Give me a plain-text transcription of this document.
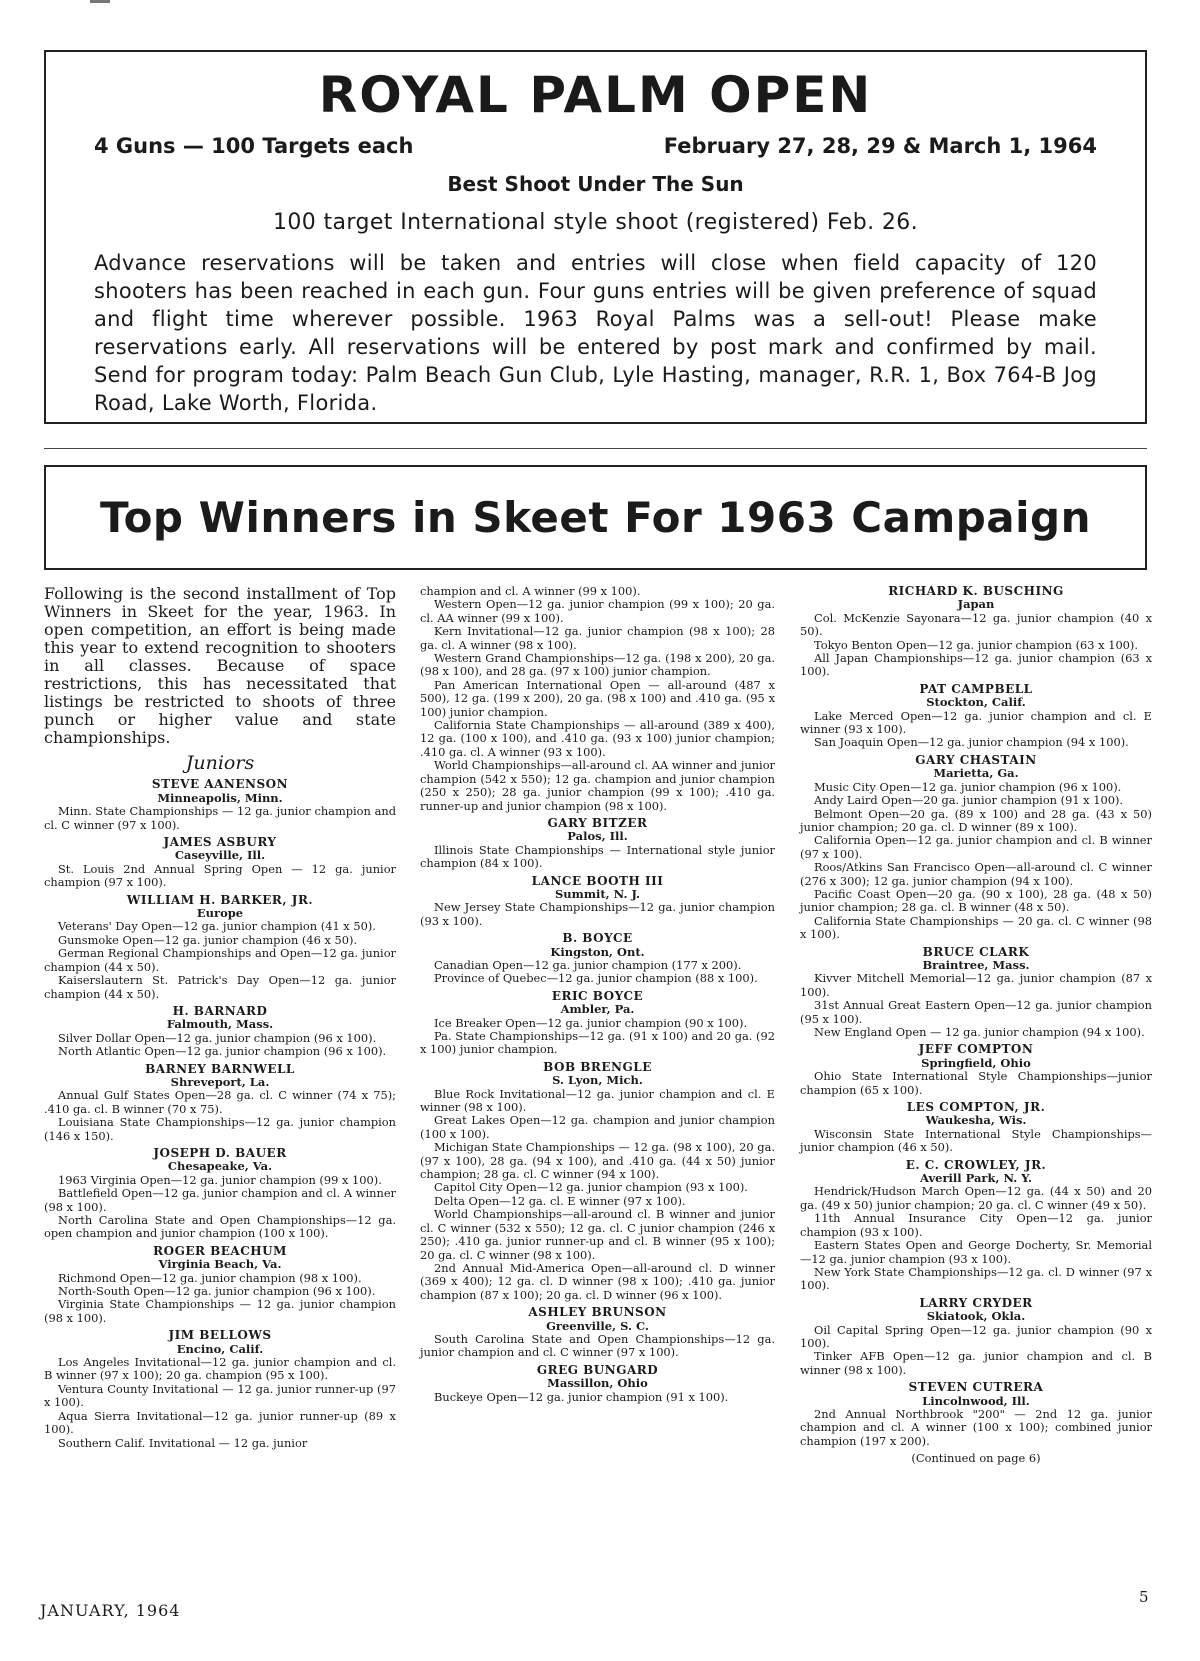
ROYAL PALM OPEN
4 Guns — 100 Targets each	February 27, 28, 29 & March 1, 1964
Best Shoot Under The Sun
100 target International style shoot (registered) Feb. 26.
Advance reservations will be taken and entries will close when field capacity of 120 shooters has been reached in each gun. Four guns entries will be given preference of squad and flight time wherever possible. 1963 Royal Palms was a sell-out! Please make reservations early. All reservations will be entered by post mark and confirmed by mail. Send for program today: Palm Beach Gun Club, Lyle Hasting, manager, R.R. 1, Box 764-B Jog Road, Lake Worth, Florida.
Top Winners in Skeet For 1963 Campaign

Following is the second installment of Top Winners in Skeet for the year, 1963. In open competition, an effort is being made this year to extend recognition to shooters in all classes. Because of space restrictions, this has necessitated that listings be restricted to shoots of three punch or higher value and state championships.

Juniors
STEVE AANENSON
Minneapolis, Minn.
Minn. State Championships — 12 ga. junior champion and cl. C winner (97 x 100).
JAMES ASBURY
Caseyville, Ill.
St. Louis 2nd Annual Spring Open — 12 ga. junior champion (97 x 100).
WILLIAM H. BARKER, JR.
Europe
Veterans' Day Open—12 ga. junior champion (41 x 50).
Gunsmoke Open—12 ga. junior champion (46 x 50).
German Regional Championships and Open—12 ga. junior champion (44 x 50).
Kaiserslautern St. Patrick's Day Open—12 ga. junior champion (44 x 50).
H. BARNARD
Falmouth, Mass.
Silver Dollar Open—12 ga. junior champion (96 x 100).
North Atlantic Open—12 ga. junior champion (96 x 100).
BARNEY BARNWELL
Shreveport, La.
Annual Gulf States Open—28 ga. cl. C winner (74 x 75); .410 ga. cl. B winner (70 x 75).
Louisiana State Championships—12 ga. junior champion (146 x 150).
JOSEPH D. BAUER
Chesapeake, Va.
1963 Virginia Open—12 ga. junior champion (99 x 100).
Battlefield Open—12 ga. junior champion and cl. A winner (98 x 100).
North Carolina State and Open Championships—12 ga. open champion and junior champion (100 x 100).
ROGER BEACHUM
Virginia Beach, Va.
Richmond Open—12 ga. junior champion (98 x 100).
North-South Open—12 ga. junior champion (96 x 100).
Virginia State Championships — 12 ga. junior champion (98 x 100).
JIM BELLOWS
Encino, Calif.
Los Angeles Invitational—12 ga. junior champion and cl. B winner (97 x 100); 20 ga. champion (95 x 100).
Ventura County Invitational — 12 ga. junior runner-up (97 x 100).
Aqua Sierra Invitational—12 ga. junior runner-up (89 x 100).
Southern Calif. Invitational — 12 ga. junior
champion and cl. A winner (99 x 100).
Western Open—12 ga. junior champion (99 x 100); 20 ga. cl. AA winner (99 x 100).
Kern Invitational—12 ga. junior champion (98 x 100); 28 ga. cl. A winner (98 x 100).
Western Grand Championships—12 ga. (198 x 200), 20 ga. (98 x 100), and 28 ga. (97 x 100) junior champion.
Pan American International Open — all-around (487 x 500), 12 ga. (199 x 200), 20 ga. (98 x 100) and .410 ga. (95 x 100) junior champion.
California State Championships — all-around (389 x 400), 12 ga. (100 x 100), and .410 ga. (93 x 100) junior champion; .410 ga. cl. A winner (93 x 100).
World Championships—all-around cl. AA winner and junior champion (542 x 550); 12 ga. champion and junior champion (250 x 250); 28 ga. junior champion (99 x 100); .410 ga. runner-up and junior champion (98 x 100).
GARY BITZER
Palos, Ill.
Illinois State Championships — International style junior champion (84 x 100).
LANCE BOOTH III
Summit, N. J.
New Jersey State Championships—12 ga. junior champion (93 x 100).
B. BOYCE
Kingston, Ont.
Canadian Open—12 ga. junior champion (177 x 200).
Province of Quebec—12 ga. junior champion (88 x 100).
ERIC BOYCE
Ambler, Pa.
Ice Breaker Open—12 ga. junior champion (90 x 100).
Pa. State Championships—12 ga. (91 x 100) and 20 ga. (92 x 100) junior champion.
BOB BRENGLE
S. Lyon, Mich.
Blue Rock Invitational—12 ga. junior champion and cl. E winner (98 x 100).
Great Lakes Open—12 ga. champion and junior champion (100 x 100).
Michigan State Championships — 12 ga. (98 x 100), 20 ga. (97 x 100), 28 ga. (94 x 100), and .410 ga. (44 x 50) junior champion; 28 ga. cl. C winner (94 x 100).
Capitol City Open—12 ga. junior champion (93 x 100).
Delta Open—12 ga. cl. E winner (97 x 100).
World Championships—all-around cl. B winner and junior cl. C winner (532 x 550); 12 ga. cl. C junior champion (246 x 250); .410 ga. junior runner-up and cl. B winner (95 x 100); 20 ga. cl. C winner (98 x 100).
2nd Annual Mid-America Open—all-around cl. D winner (369 x 400); 12 ga. cl. D winner (98 x 100); .410 ga. junior champion (87 x 100); 20 ga. cl. D winner (96 x 100).
ASHLEY BRUNSON
Greenville, S. C.
South Carolina State and Open Championships—12 ga. junior champion and cl. C winner (97 x 100).
GREG BUNGARD
Massillon, Ohio
Buckeye Open—12 ga. junior champion (91 x 100).
RICHARD K. BUSCHING
Japan
Col. McKenzie Sayonara—12 ga. junior champion (40 x 50).
Tokyo Benton Open—12 ga. junior champion (63 x 100).
All Japan Championships—12 ga. junior champion (63 x 100).
PAT CAMPBELL
Stockton, Calif.
Lake Merced Open—12 ga. junior champion and cl. E winner (93 x 100).
San Joaquin Open—12 ga. junior champion (94 x 100).
GARY CHASTAIN
Marietta, Ga.
Music City Open—12 ga. junior champion (96 x 100).
Andy Laird Open—20 ga. junior champion (91 x 100).
Belmont Open—20 ga. (89 x 100) and 28 ga. (43 x 50) junior champion; 20 ga. cl. D winner (89 x 100).
California Open—12 ga. junior champion and cl. B winner (97 x 100).
Roos/Atkins San Francisco Open—all-around cl. C winner (276 x 300); 12 ga. junior champion (94 x 100).
Pacific Coast Open—20 ga. (90 x 100), 28 ga. (48 x 50) junior champion; 28 ga. cl. B winner (48 x 50).
California State Championships — 20 ga. cl. C winner (98 x 100).
BRUCE CLARK
Braintree, Mass.
Kivver Mitchell Memorial—12 ga. junior champion (87 x 100).
31st Annual Great Eastern Open—12 ga. junior champion (95 x 100).
New England Open — 12 ga. junior champion (94 x 100).
JEFF COMPTON
Springfield, Ohio
Ohio State International Style Championships—junior champion (65 x 100).
LES COMPTON, JR.
Waukesha, Wis.
Wisconsin State International Style Championships—junior champion (46 x 50).
E. C. CROWLEY, JR.
Averill Park, N. Y.
Hendrick/Hudson March Open—12 ga. (44 x 50) and 20 ga. (49 x 50) junior champion; 20 ga. cl. C winner (49 x 50).
11th Annual Insurance City Open—12 ga. junior champion (93 x 100).
Eastern States Open and George Docherty, Sr. Memorial—12 ga. junior champion (93 x 100).
New York State Championships—12 ga. cl. D winner (97 x 100).
LARRY CRYDER
Skiatook, Okla.
Oil Capital Spring Open—12 ga. junior champion (90 x 100).
Tinker AFB Open—12 ga. junior champion and cl. B winner (98 x 100).
STEVEN CUTRERA
Lincolnwood, Ill.
2nd Annual Northbrook "200" — 2nd 12 ga. junior champion and cl. A winner (100 x 100); combined junior champion (197 x 200).
(Continued on page 6)
JANUARY, 1964
5
